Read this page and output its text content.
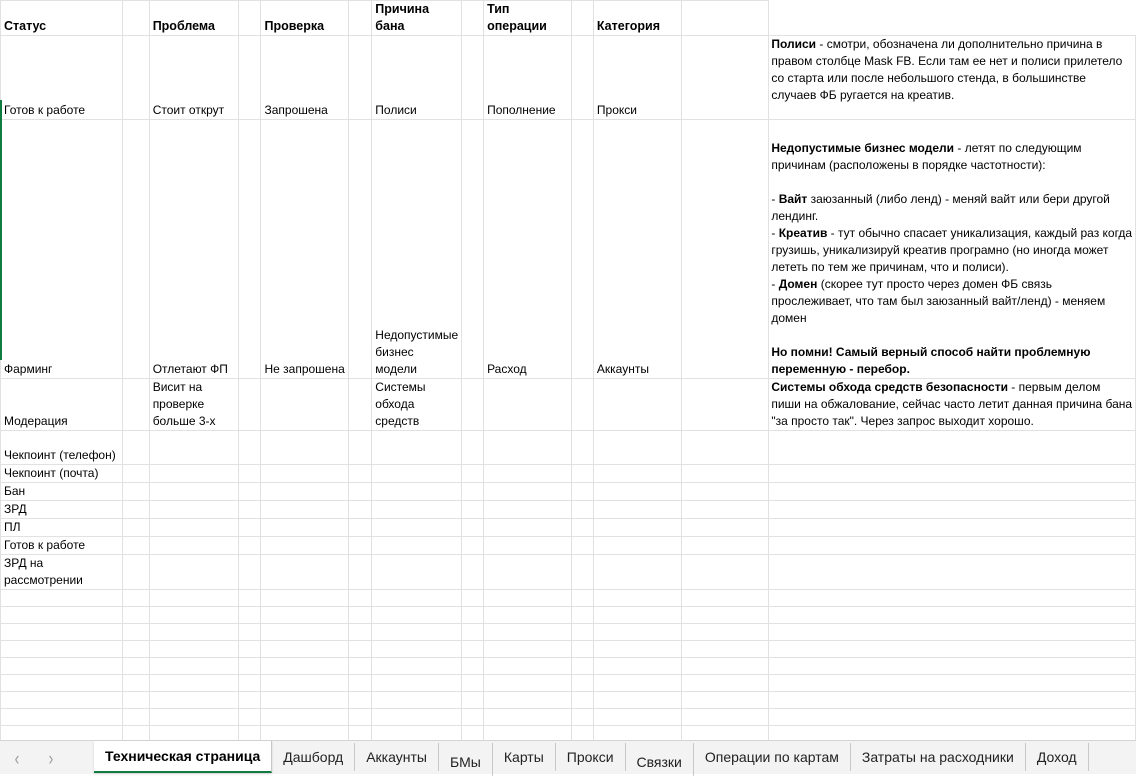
Статус		Проблема		Проверка		Причина бана		Тип операции		Категория		
Готов к работе		Стоит открут		Запрошена		Полиси		Пополнение		Прокси		Полиси - смотри, обозначена ли дополнительно причина в правом столбце Mask FB. Если там ее нет и полиси прилетело со старта или после небольшого стенда, в большинстве случаев ФБ ругается на креатив.
Фарминг		Отлетают ФП		Не запрошена		Недопустимые бизнес модели		Расход		Аккаунты		Недопустимые бизнес модели - летят по следующим причинам (расположены в порядке частотности):
- Вайт заюзанный (либо ленд) - меняй вайт или бери другой лендинг.
- Креатив - тут обычно спасает уникализация, каждый раз когда грузишь, уникализируй креатив програмно (но иногда может лететь по тем же причинам, что и полиси).
- Домен (скорее тут просто через домен ФБ связь прослеживает, что там был заюзанный вайт/ленд) - меняем домен
Но помни! Самый верный способ найти проблемную переменную - перебор.

Модерация		Висит на проверке больше 3-х				Системы обхода средств						Системы обхода средств безопасности - первым делом пиши на обжалование, сейчас часто летит данная причина бана "за просто так". Через запрос выходит хорошо.
Чекпоинт (телефон)												
Чекпоинт (почта)												
Бан												
ЗРД												
ПЛ												
Готов к работе												
ЗРД на рассмотрении												

‹ ›	Техническая страница	Дашборд	Аккаунты	БМы	Карты	Прокси	Связки	Операции по картам	Затраты на расходники	Доход
